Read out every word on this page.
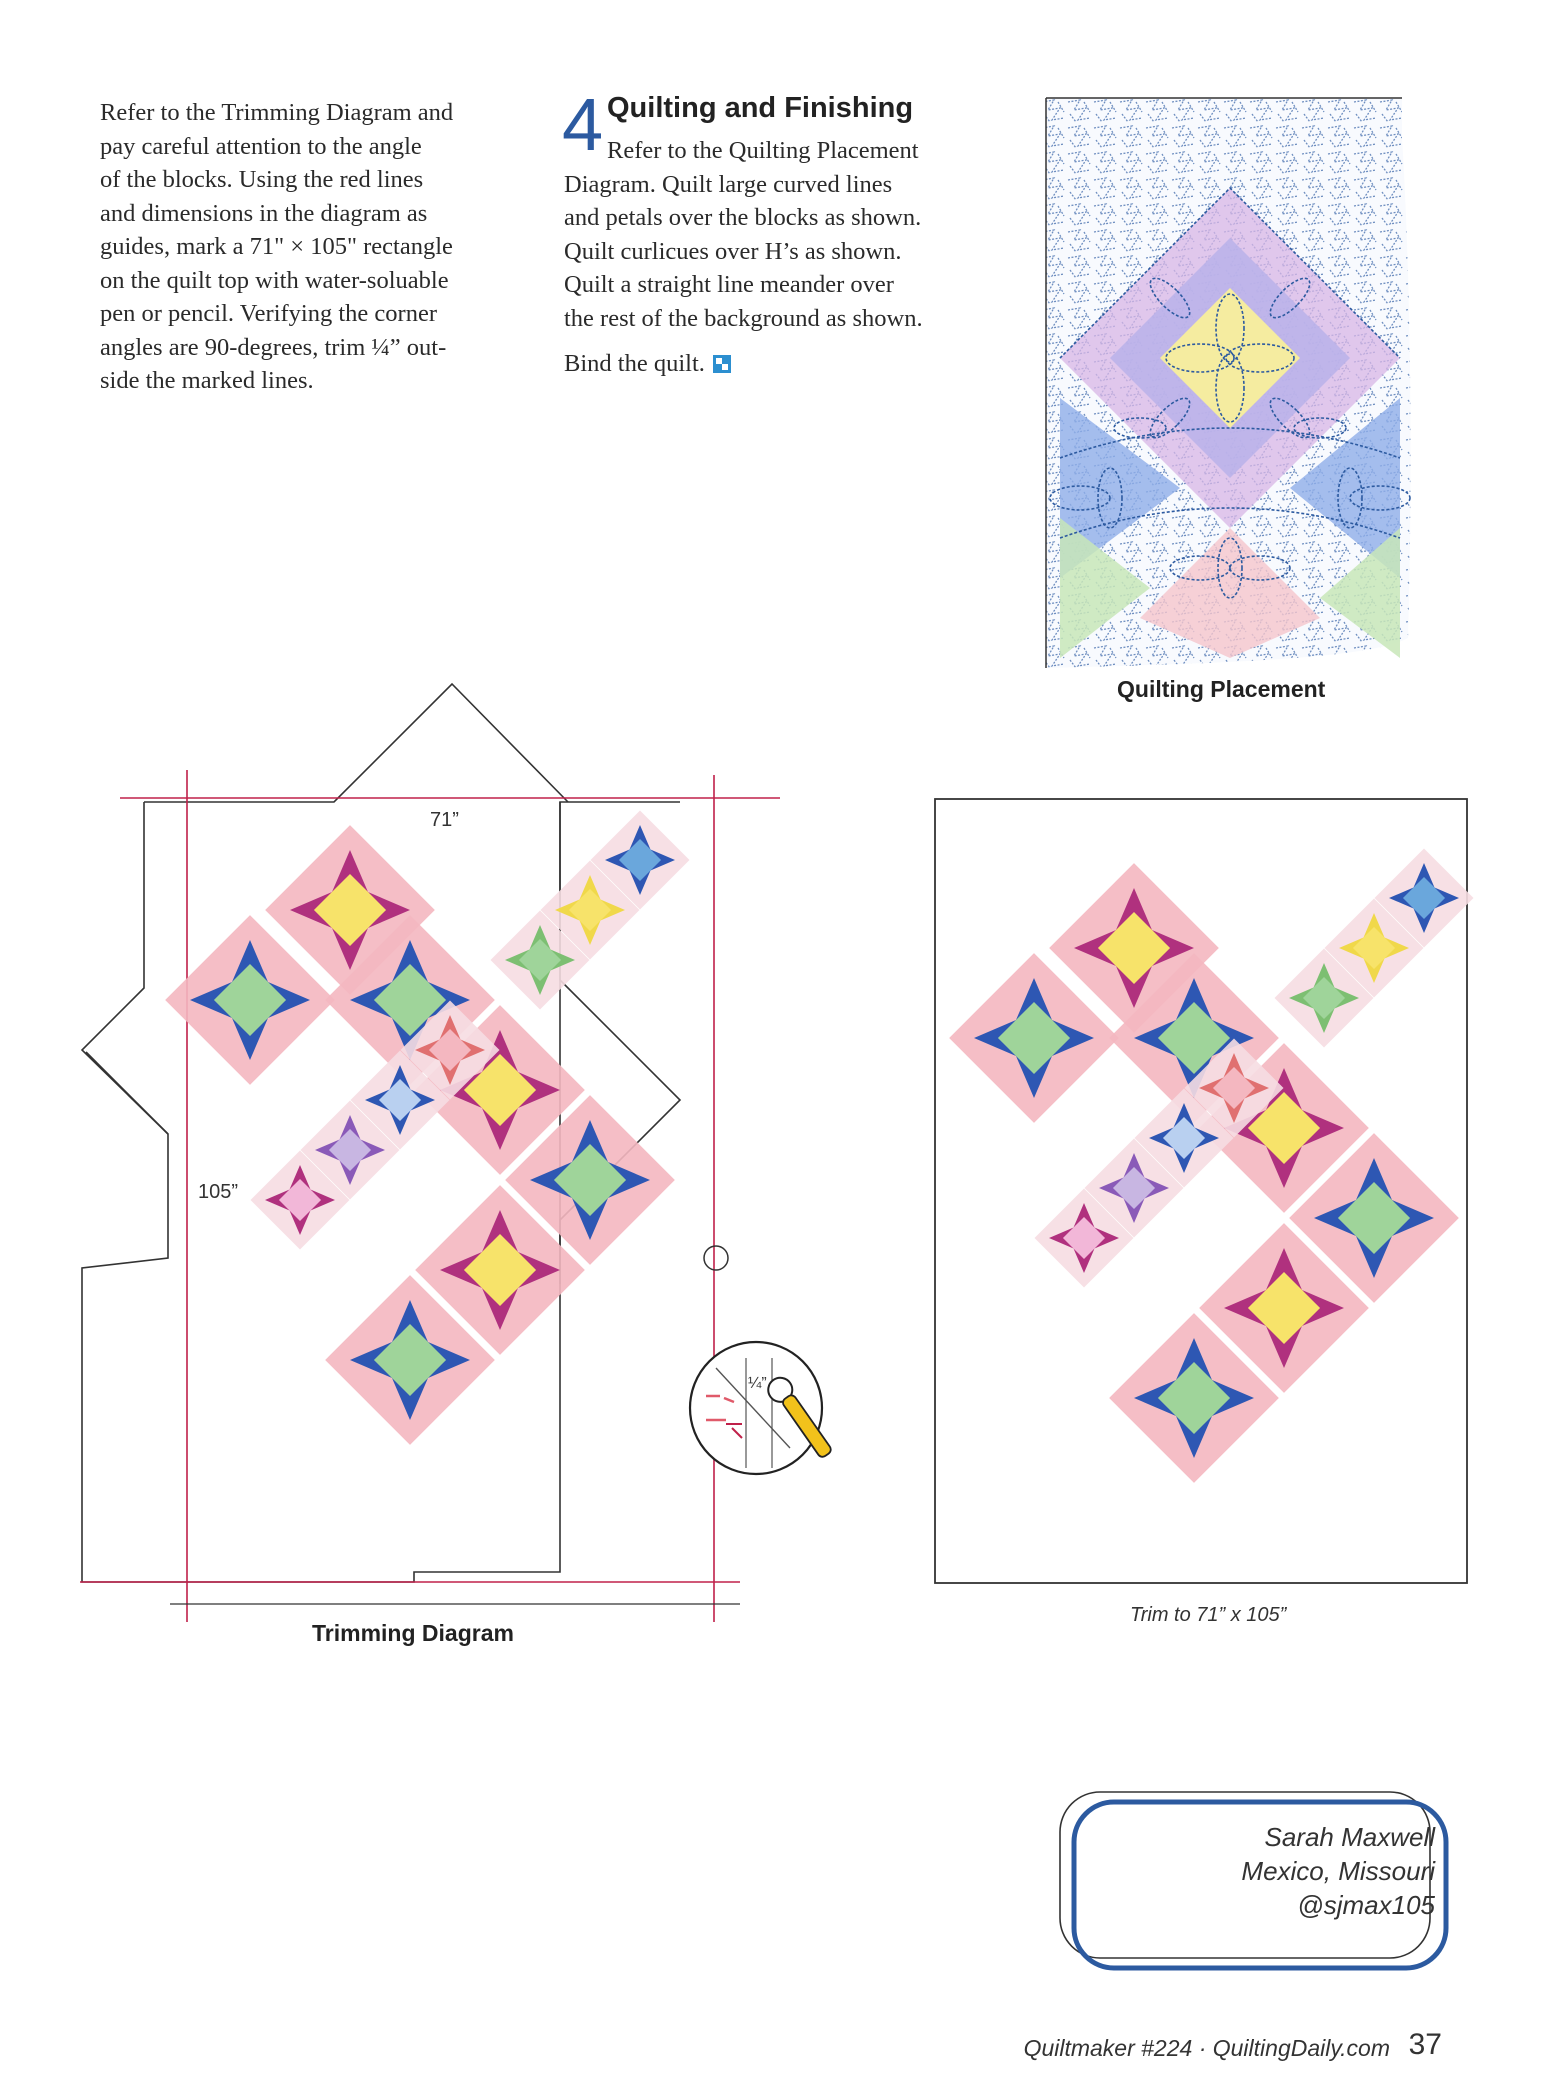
Refer to the Trimming Diagram and
pay careful attention to the angle
of the blocks. Using the red lines
and dimensions in the diagram as
guides, mark a 71" × 105" rectangle
on the quilt top with water-soluable
pen or pencil. Verifying the corner
angles are 90-degrees, trim ¼” out-
side the marked lines.
4 Quilting and Finishing

Refer to the Quilting Placement

Diagram. Quilt large curved lines

and petals over the blocks as shown.

Quilt curlicues over H’s as shown.

Quilt a straight line meander over

the rest of the background as shown.

Bind the quilt.

Quilting Placement
71”
105”
Trimming Diagram
¼”
Trim to 71” x 105”
Sarah Maxwell
Mexico, Missouri
@sjmax105
Quiltmaker #224 · QuiltingDaily.com 37
